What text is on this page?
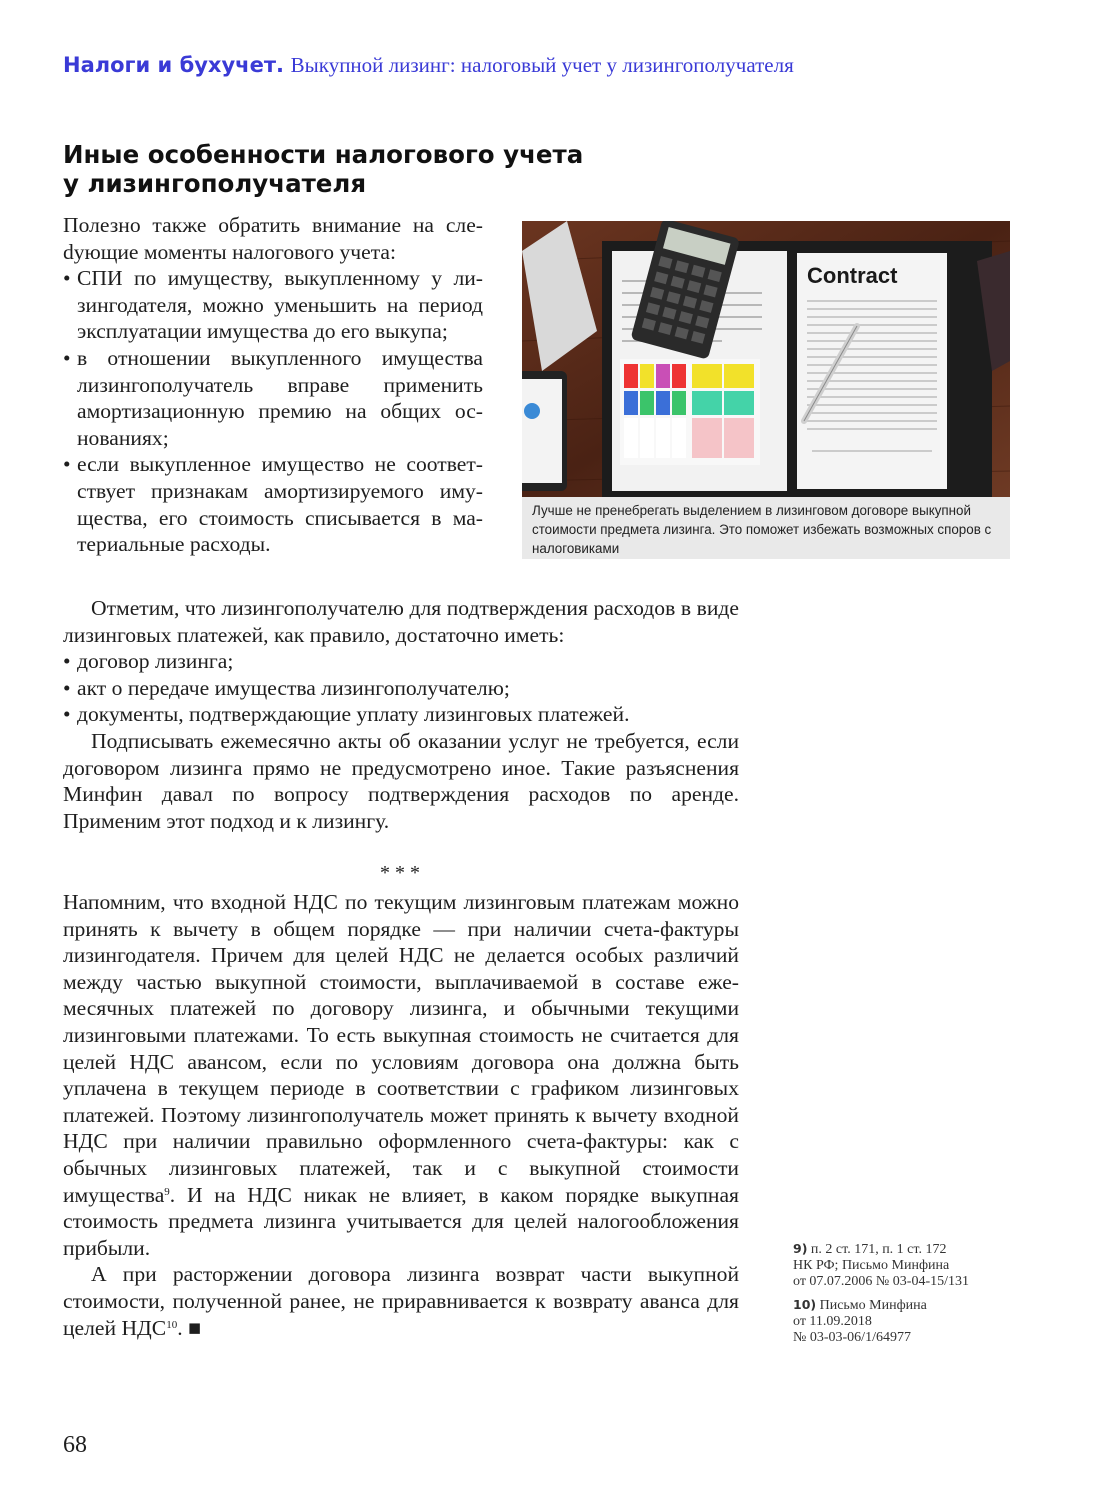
Налоги и бухучет. Выкупной лизинг: налоговый учет у лизингополучателя
Иные особенности налогового учета
у лизингополучателя

Полезно также обратить внимание на слеdующие моменты налогового учета:

• СПИ по имуществу, выкупленному у лизингодателя, можно уменьшить на период эксплуатации имущества до его выкупа;
• в отношении выкупленного имущества лизингополучатель вправе применить амортизационную премию на общих основаниях;
• если выкупленное имущество не соответствует признакам амортизируемого имущества, его стоимость списывается в материальные расходы.
Contract
Лучше не пренебрегать выделением в лизинговом договоре выкупной стоимости предмета лизинга. Это поможет избежать возможных споров с налоговиками

Отметим, что лизингополучателю для подтверждения расходов в виде лизинговых платежей, как правило, достаточно иметь:

• договор лизинга;
• акт о передаче имущества лизингополучателю;
• документы, подтверждающие уплату лизинговых платежей.

Подписывать ежемесячно акты об оказании услуг не требуется, если договором лизинга прямо не предусмотрено иное. Такие разъяснения Минфин давал по вопросу подтверждения расходов по аренде. Применим этот подход и к лизингу.

* * *

Напомним, что входной НДС по текущим лизинговым платежам можно принять к вычету в общем порядке — при наличии счета-фактуры лизингодателя. Причем для целей НДС не делается особых различий между частью выкупной стоимости, выплачиваемой в составе ежемесячных платежей по договору лизинга, и обычными текущими лизинговыми платежами. То есть выкупная стоимость не считается для целей НДС авансом, если по условиям договора она должна быть уплачена в текущем периоде в соответствии с графиком лизинговых платежей. Поэтому лизингополучатель может принять к вычету входной НДС при наличии правильно оформленного счета-фактуры: как с обычных лизинговых платежей, так и с выкупной стоимости имущества$^9$. И на НДС никак не влияет, в каком порядке выкупная стоимость предмета лизинга учитывается для целей налогообложения прибыли.

А при расторжении договора лизинга возврат части выкупной стоимости, полученной ранее, не приравнивается к возврату аванса для целей НДС$^{10}$. ■

9) п. 2 ст. 171, п. 1 ст. 172
НК РФ; Письмо Минфина
от 07.07.2006 № 03-04-15/131
10) Письмо Минфина
от 11.09.2018
№ 03-03-06/1/64977
68
